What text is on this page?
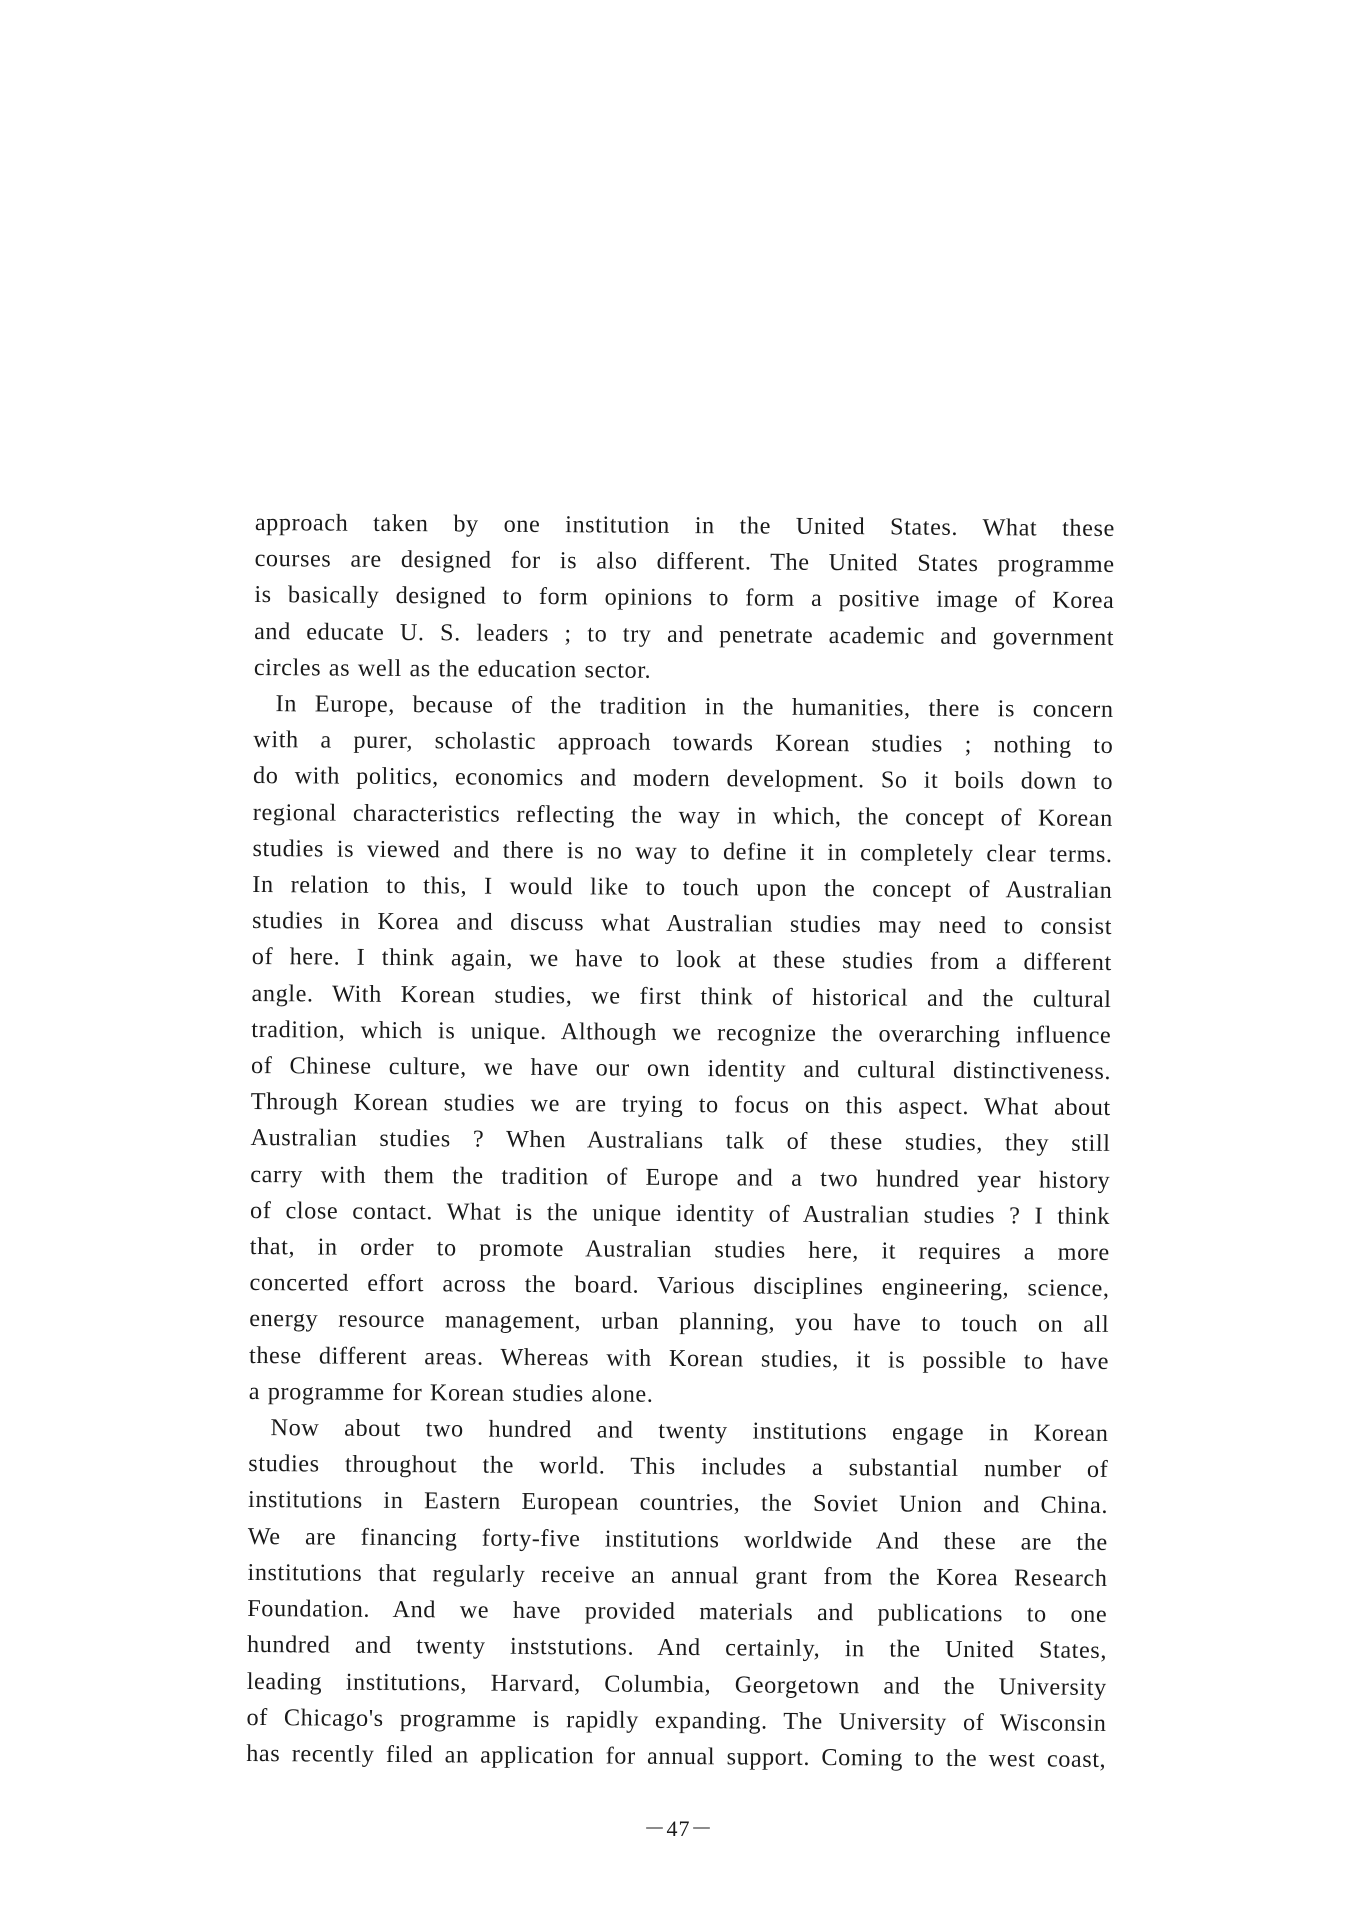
approach taken by one institution in the United States. What these

courses are designed for is also different. The United States programme

is basically designed to form opinions to form a positive image of Korea

and educate U. S. leaders ; to try and penetrate academic and government

circles as well as the education sector.

In Europe, because of the tradition in the humanities, there is concern

with a purer, scholastic approach towards Korean studies ; nothing to

do with politics, economics and modern development. So it boils down to

regional characteristics reflecting the way in which, the concept of Korean

studies is viewed and there is no way to define it in completely clear terms.

In relation to this, I would like to touch upon the concept of Australian

studies in Korea and discuss what Australian studies may need to consist

of here. I think again, we have to look at these studies from a different

angle. With Korean studies, we first think of historical and the cultural

tradition, which is unique. Although we recognize the overarching influence

of Chinese culture, we have our own identity and cultural distinctiveness.

Through Korean studies we are trying to focus on this aspect. What about

Australian studies ? When Australians talk of these studies, they still

carry with them the tradition of Europe and a two hundred year history

of close contact. What is the unique identity of Australian studies ? I think

that, in order to promote Australian studies here, it requires a more

concerted effort across the board. Various disciplines engineering, science,

energy resource management, urban planning, you have to touch on all

these different areas. Whereas with Korean studies, it is possible to have

a programme for Korean studies alone.

Now about two hundred and twenty institutions engage in Korean

studies throughout the world. This includes a substantial number of

institutions in Eastern European countries, the Soviet Union and China.

We are financing forty-five institutions worldwide And these are the

institutions that regularly receive an annual grant from the Korea Research

Foundation. And we have provided materials and publications to one

hundred and twenty inststutions. And certainly, in the United States,

leading institutions, Harvard, Columbia, Georgetown and the University

of Chicago's programme is rapidly expanding. The University of Wisconsin

has recently filed an application for annual support. Coming to the west coast,

－47－
